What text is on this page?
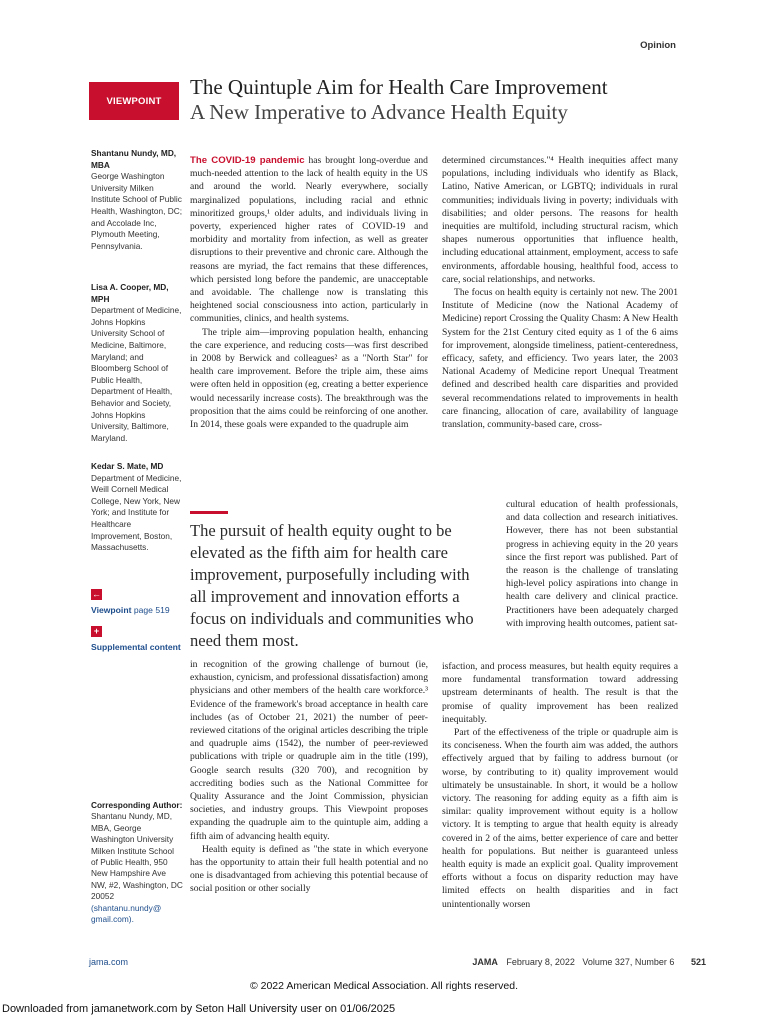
Opinion
VIEWPOINT
The Quintuple Aim for Health Care Improvement
A New Imperative to Advance Health Equity
Shantanu Nundy, MD, MBA
George Washington University Milken Institute School of Public Health, Washington, DC; and Accolade Inc, Plymouth Meeting, Pennsylvania.
Lisa A. Cooper, MD, MPH
Department of Medicine, Johns Hopkins University School of Medicine, Baltimore, Maryland; and Bloomberg School of Public Health, Department of Health, Behavior and Society, Johns Hopkins University, Baltimore, Maryland.
Kedar S. Mate, MD
Department of Medicine, Weill Cornell Medical College, New York, New York; and Institute for Healthcare Improvement, Boston, Massachusetts.
←
Viewpoint page 519
+
Supplemental content
Corresponding Author: Shantanu Nundy, MD, MBA, George Washington University Milken Institute School of Public Health, 950 New Hampshire Ave NW, #2, Washington, DC 20052 (shantanu.nundy@ gmail.com).

The COVID-19 pandemic has brought long-overdue and much-needed attention to the lack of health equity in the US and around the world. Nearly everywhere, socially marginalized populations, including racial and ethnic minoritized groups,¹ older adults, and individuals living in poverty, experienced higher rates of COVID-19 and morbidity and mortality from infection, as well as greater disruptions to their preventive and chronic care. Although the reasons are myriad, the fact remains that these differences, which persisted long before the pandemic, are unacceptable and avoidable. The challenge now is translating this heightened social consciousness into action, particularly in communities, clinics, and health systems.

The triple aim—improving population health, enhancing the care experience, and reducing costs—was first described in 2008 by Berwick and colleagues² as a "North Star" for health care improvement. Before the triple aim, these aims were often held in opposition (eg, creating a better experience would necessarily increase costs). The breakthrough was the proposition that the aims could be reinforcing of one another. In 2014, these goals were expanded to the quadruple aim

The pursuit of health equity ought to be elevated as the fifth aim for health care improvement, purposefully including with all improvement and innovation efforts a focus on individuals and communities who need them most.

in recognition of the growing challenge of burnout (ie, exhaustion, cynicism, and professional dissatisfaction) among physicians and other members of the health care workforce.³ Evidence of the framework's broad acceptance in health care includes (as of October 21, 2021) the number of peer-reviewed citations of the original articles describing the triple and quadruple aims (1542), the number of peer-reviewed publications with triple or quadruple aim in the title (199), Google search results (320 700), and recognition by accrediting bodies such as the National Committee for Quality Assurance and the Joint Commission, physician societies, and industry groups. This Viewpoint proposes expanding the quadruple aim to the quintuple aim, adding a fifth aim of advancing health equity.

Health equity is defined as "the state in which everyone has the opportunity to attain their full health potential and no one is disadvantaged from achieving this potential because of social position or other socially

determined circumstances."⁴ Health inequities affect many populations, including individuals who identify as Black, Latino, Native American, or LGBTQ; individuals in rural communities; individuals living in poverty; individuals with disabilities; and older persons. The reasons for health inequities are multifold, including structural racism, which shapes numerous opportunities that influence health, including educational attainment, employment, access to safe environments, affordable housing, healthful food, access to care, social relationships, and networks.

The focus on health equity is certainly not new. The 2001 Institute of Medicine (now the National Academy of Medicine) report Crossing the Quality Chasm: A New Health System for the 21st Century cited equity as 1 of the 6 aims for improvement, alongside timeliness, patient-centeredness, efficacy, safety, and efficiency. Two years later, the 2003 National Academy of Medicine report Unequal Treatment defined and described health care disparities and provided several recommendations related to improvements in health care financing, allocation of care, availability of language translation, community-based care, cross-

cultural education of health professionals, and data collection and research initiatives. However, there has not been substantial progress in achieving equity in the 20 years since the first report was published. Part of the reason is the challenge of translating high-level policy aspirations into change in health care delivery and clinical practice. Practitioners have been adequately charged with improving health outcomes, patient sat-

isfaction, and process measures, but health equity requires a more fundamental transformation toward addressing upstream determinants of health. The result is that the promise of quality improvement has been realized inequitably.

Part of the effectiveness of the triple or quadruple aim is its conciseness. When the fourth aim was added, the authors effectively argued that by failing to address burnout (or worse, by contributing to it) quality improvement would ultimately be unsustainable. In short, it would be a hollow victory. The reasoning for adding equity as a fifth aim is similar: quality improvement without equity is a hollow victory. It is tempting to argue that health equity is already covered in 2 of the aims, better experience of care and better health for populations. But neither is guaranteed unless health equity is made an explicit goal. Quality improvement efforts without a focus on disparity reduction may have limited effects on health disparities and in fact unintentionally worsen

jama.com	JAMA February 8, 2022   Volume 327, Number 6 521
© 2022 American Medical Association. All rights reserved.
Downloaded from jamanetwork.com by Seton Hall University user on 01/06/2025
